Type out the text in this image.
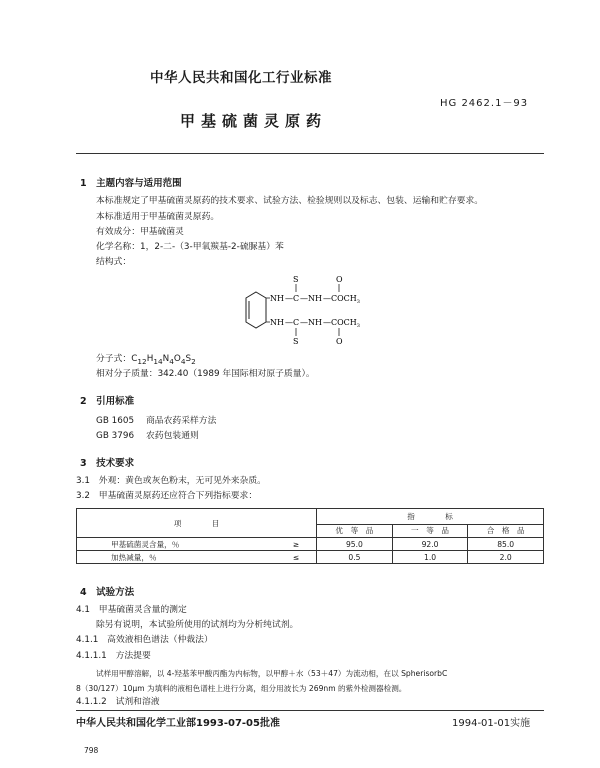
中华人民共和国化工行业标准
HG 2462.1－93
甲基硫菌灵原药
1　主题内容与适用范围
本标准规定了甲基硫菌灵原药的技术要求、试验方法、检验规则以及标志、包装、运输和贮存要求。
本标准适用于甲基硫菌灵原药。
有效成分：甲基硫菌灵
化学名称：1，2-二-（3-甲氧羰基-2-硫脲基）苯
结构式：
S	O
NH — C — NH — $COCH_3$
NH — C — NH — $COCH_3$
S	O
分子式：$C_{12}H_{14}N_4O_4S_2$
相对分子质量：342.40（1989 年国际相对原子质量）。
2　引用标准
GB 1605 商品农药采样方法
GB 3796 农药包装通则
3　技术要求
3.1　外观：黄色或灰色粉末，无可见外来杂质。
3.2　甲基硫菌灵原药还应符合下列指标要求：
项　　　　目		指　　　　标		
		优　等　品	一　等　品	合　格　品
甲基硫菌灵含量，％	≥	95.0	92.0	85.0
加热减量，％	≤	0.5	1.0	2.0
4　试验方法
4.1　甲基硫菌灵含量的测定
除另有说明，本试验所使用的试剂均为分析纯试剂。
4.1.1　高效液相色谱法（仲裁法）
4.1.1.1　方法提要
试样用甲醇溶解，以 4-羟基苯甲酸丙酯为内标物，以甲醇＋水（53＋47）为流动相，在以 SpherisorbC
8（30/127）10μm 为填料的液相色谱柱上进行分离，组分用波长为 269nm 的紫外检测器检测。
4.1.1.2　试剂和溶液
中华人民共和国化学工业部1993-07-05批准	1994-01-01实施
798
